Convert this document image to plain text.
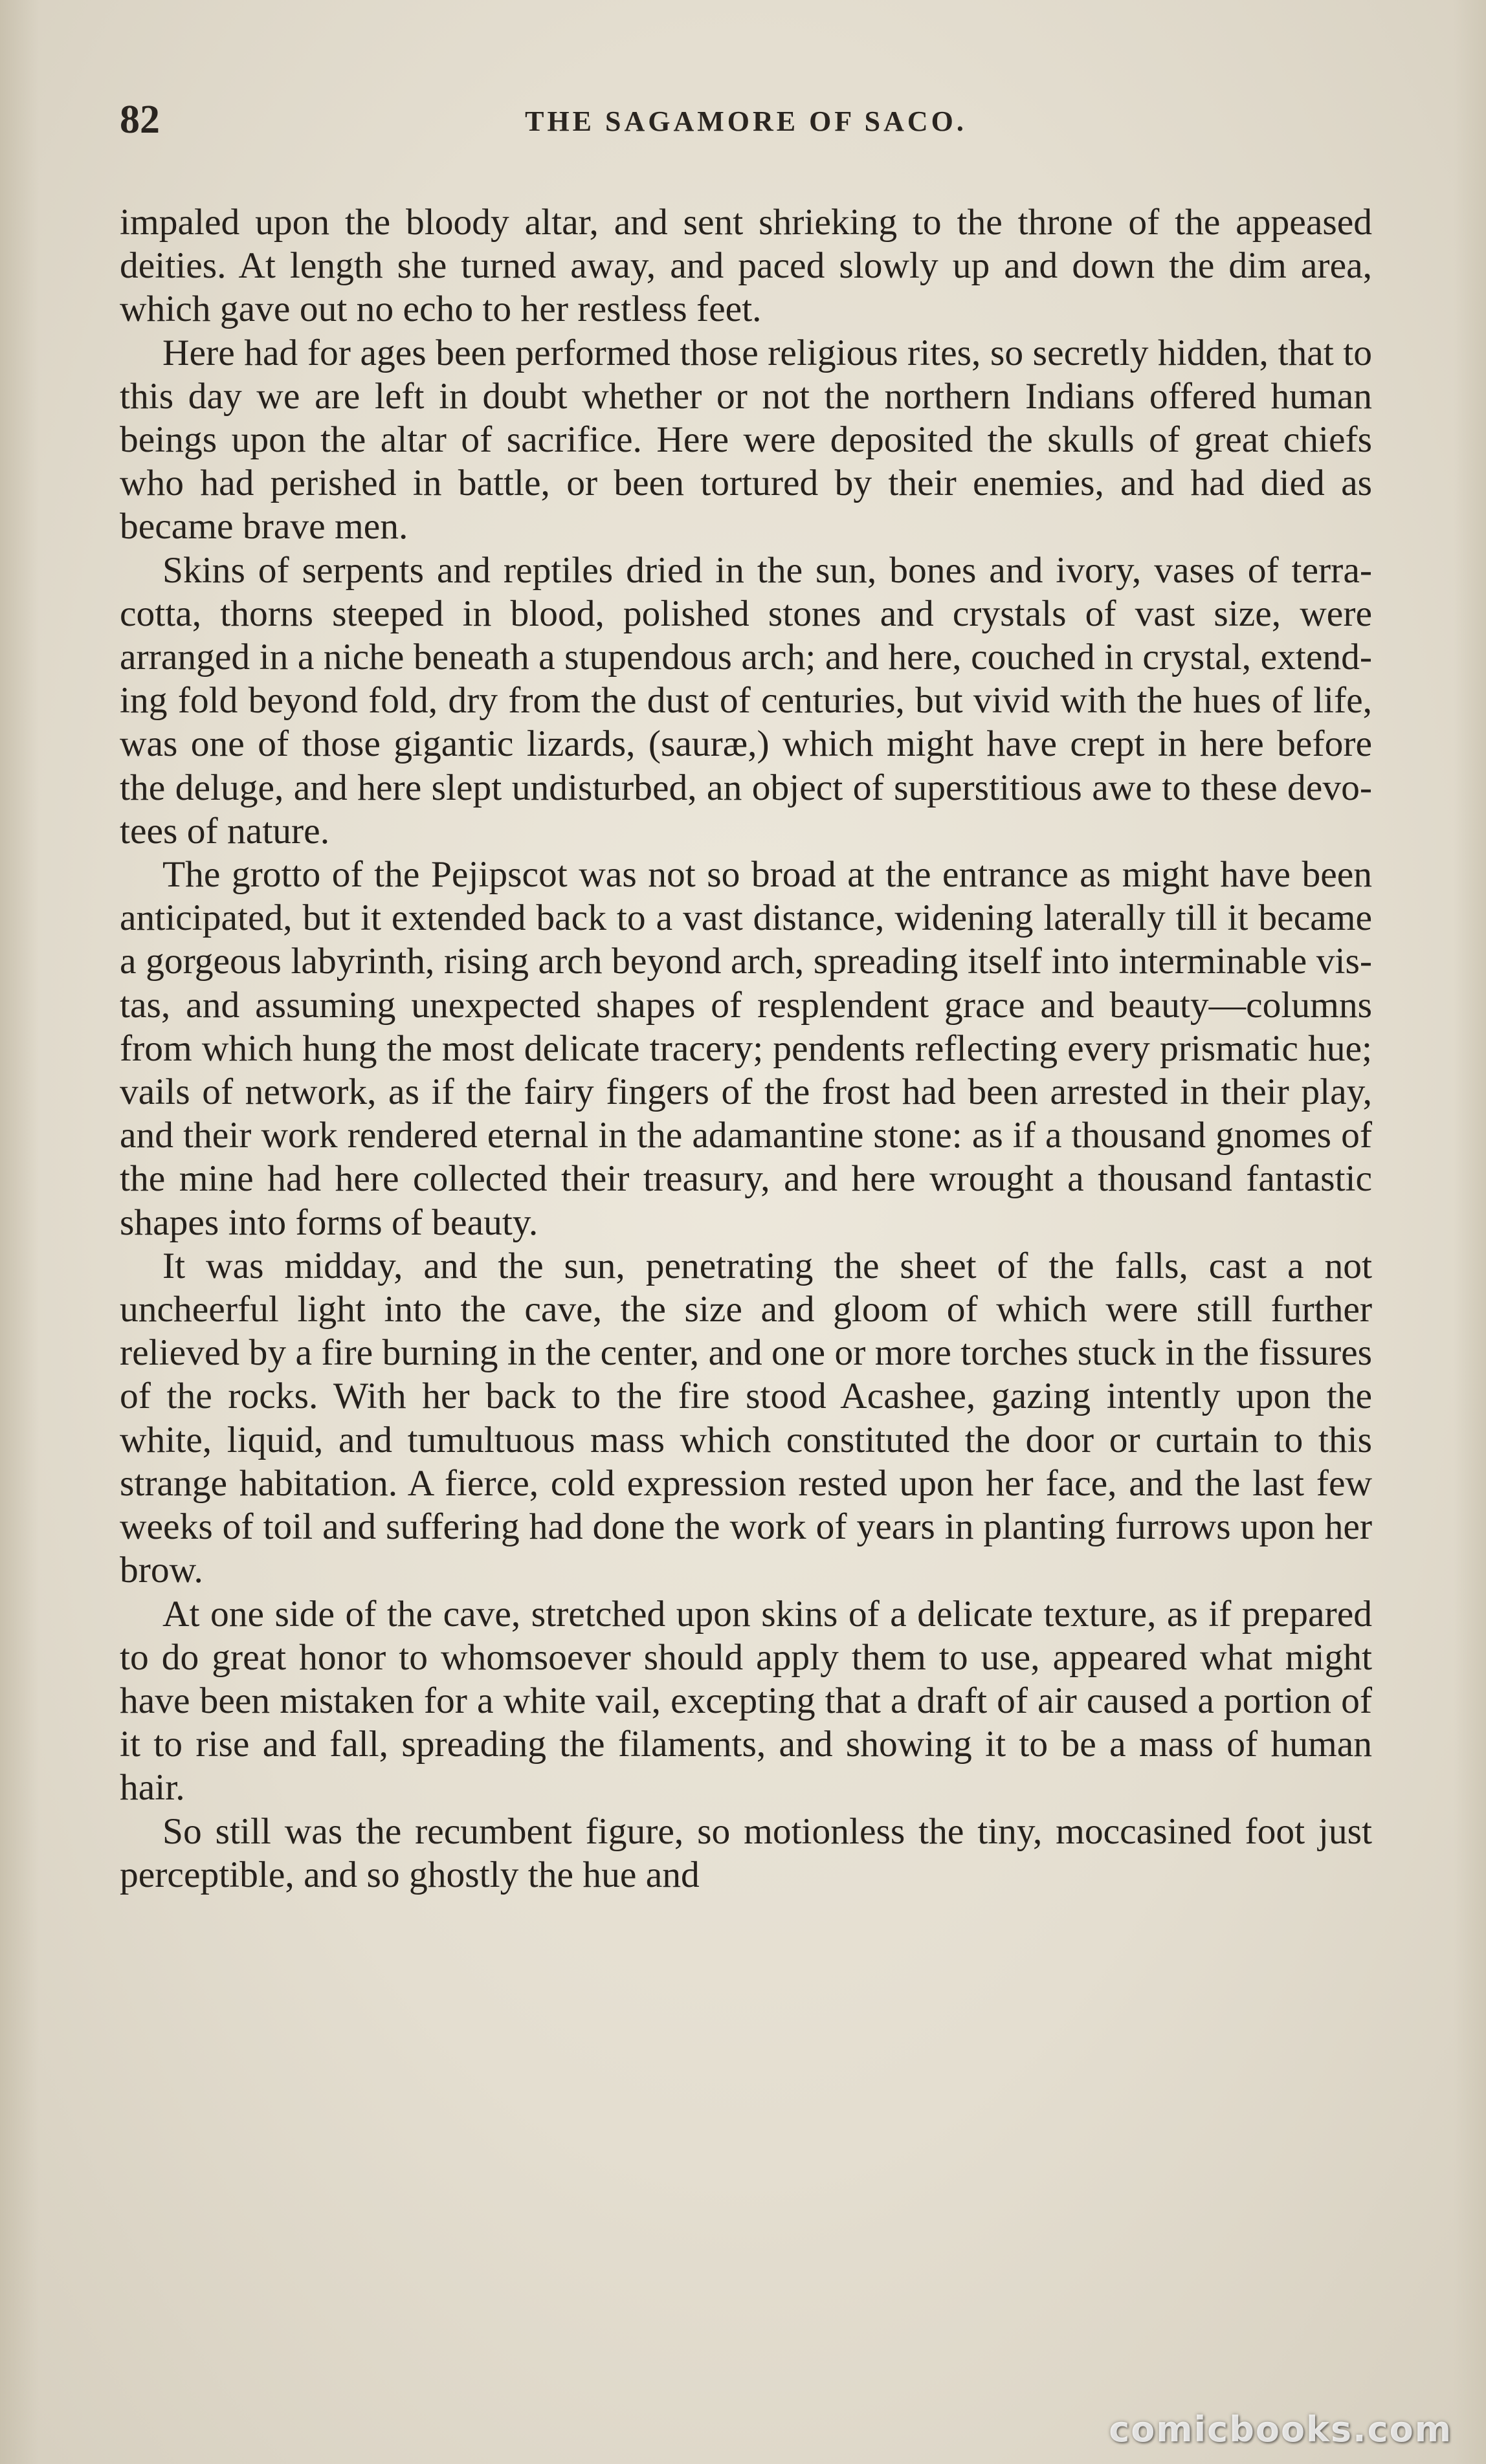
82	THE SAGAMORE OF SACO.

impaled upon the bloody altar, and sent shrieking to the throne of the appeased deities. At length she turned away, and paced slowly up and down the dim area, which gave out no echo to her restless feet.

Here had for ages been performed those religious rites, so secretly hidden, that to this day we are left in doubt whether or not the northern Indians offered human beings upon the altar of sacrifice. Here were deposited the skulls of great chiefs who had perished in battle, or been tortured by their enemies, and had died as became brave men.

Skins of serpents and reptiles dried in the sun, bones and ivory, vases of terra-cotta, thorns steeped in blood, polished stones and crystals of vast size, were arranged in a niche beneath a stupendous arch; and here, couched in crystal, extending fold beyond fold, dry from the dust of centuries, but vivid with the hues of life, was one of those gigantic lizards, (sauræ,) which might have crept in here before the deluge, and here slept undisturbed, an object of superstitious awe to these devotees of nature.

The grotto of the Pejipscot was not so broad at the entrance as might have been anticipated, but it extended back to a vast distance, widening laterally till it became a gorgeous labyrinth, rising arch beyond arch, spreading itself into interminable vistas, and assuming unexpected shapes of resplendent grace and beauty—columns from which hung the most delicate tracery; pendents reflecting every prismatic hue; vails of network, as if the fairy fingers of the frost had been arrested in their play, and their work rendered eternal in the adamantine stone: as if a thousand gnomes of the mine had here collected their treasury, and here wrought a thousand fantastic shapes into forms of beauty.

It was midday, and the sun, penetrating the sheet of the falls, cast a not uncheerful light into the cave, the size and gloom of which were still further relieved by a fire burning in the center, and one or more torches stuck in the fissures of the rocks. With her back to the fire stood Acashee, gazing intently upon the white, liquid, and tumultuous mass which constituted the door or curtain to this strange habitation. A fierce, cold expression rested upon her face, and the last few weeks of toil and suffering had done the work of years in planting furrows upon her brow.

At one side of the cave, stretched upon skins of a delicate texture, as if prepared to do great honor to whomsoever should apply them to use, appeared what might have been mistaken for a white vail, excepting that a draft of air caused a portion of it to rise and fall, spreading the filaments, and showing it to be a mass of human hair.

So still was the recumbent figure, so motionless the tiny, moccasined foot just perceptible, and so ghostly the hue and

comicbooks.com
